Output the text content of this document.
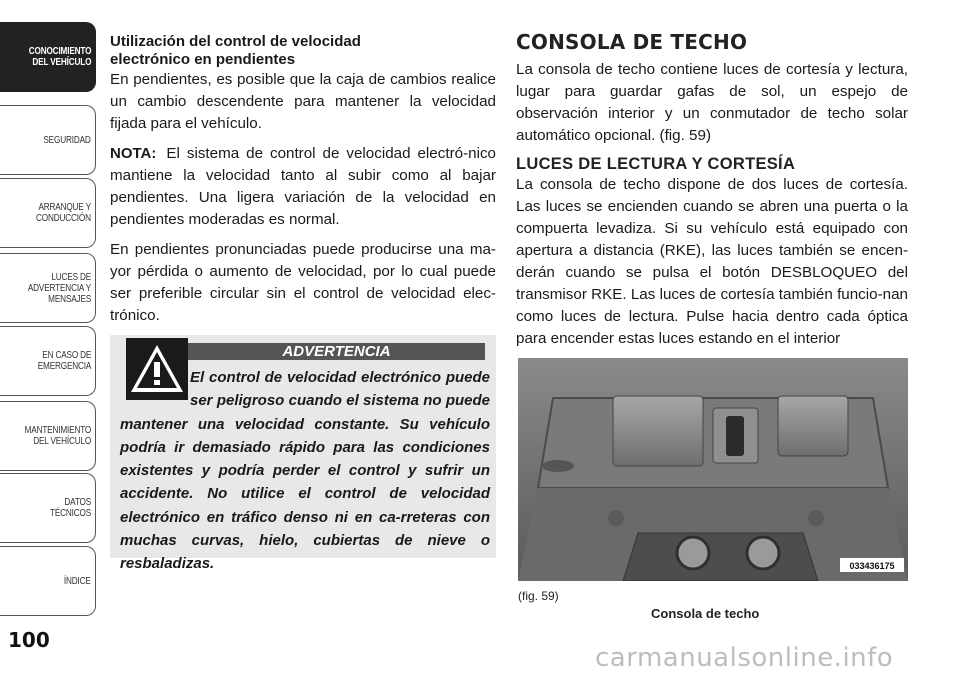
CONOCIMIENTO
DEL VEHÍCULO
SEGURIDAD
ARRANQUE Y
CONDUCCIÓN
LUCES DE
ADVERTENCIA Y
MENSAJES
EN CASO DE
EMERGENCIA
MANTENIMIENTO
DEL VEHÍCULO
DATOS
TÉCNICOS
ÍNDICE
100

Utilización del control de velocidad
electrónico en pendientes

En pendientes, es posible que la caja de cambios realice un cambio descendente para mantener la velocidad fijada para el vehículo.

NOTA: El sistema de control de velocidad electró-nico mantiene la velocidad tanto al subir como al bajar pendientes. Una ligera variación de la velocidad en pendientes moderadas es normal.

En pendientes pronunciadas puede producirse una ma-yor pérdida o aumento de velocidad, por lo cual puede ser preferible circular sin el control de velocidad elec-trónico.

ADVERTENCIA
El control de velocidad electrónico puede ser peligroso cuando el sistema no puede mantener una velocidad constante. Su vehículo podría ir demasiado rápido para las condiciones existentes y podría perder el control y sufrir un accidente. No utilice el control de velocidad electrónico en tráfico denso ni en ca-rreteras con muchas curvas, hielo, cubiertas de nieve o resbaladizas.
CONSOLA DE TECHO

La consola de techo contiene luces de cortesía y lectura, lugar para guardar gafas de sol, un espejo de observación interior y un conmutador de techo solar automático opcional. (fig. 59)

LUCES DE LECTURA Y CORTESÍA

La consola de techo dispone de dos luces de cortesía. Las luces se encienden cuando se abren una puerta o la compuerta levadiza. Si su vehículo está equipado con apertura a distancia (RKE), las luces también se encen-derán cuando se pulsa el botón DESBLOQUEO del transmisor RKE. Las luces de cortesía también funcio-nan como luces de lectura. Pulse hacia dentro cada óptica para encender estas luces estando en el interior

033436175
(fig. 59)
Consola de techo
carmanualsonline.info
